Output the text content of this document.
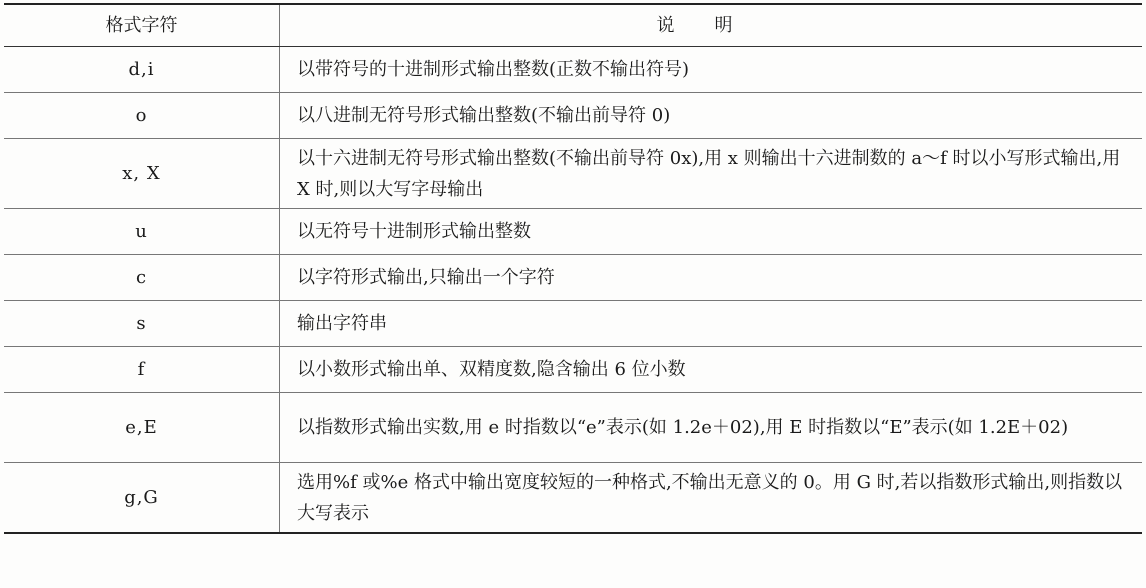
格式字符	说明
d,i	以带符号的十进制形式输出整数(正数不输出符号)
o	以八进制无符号形式输出整数(不输出前导符 0)
x, X	以十六进制无符号形式输出整数(不输出前导符 0x),用 x 则输出十六进制数的 a～f 时以小写形式输出,用 X 时,则以大写字母输出
u	以无符号十进制形式输出整数
c	以字符形式输出,只输出一个字符
s	输出字符串
f	以小数形式输出单、双精度数,隐含输出 6 位小数
e,E	以指数形式输出实数,用 e 时指数以“e”表示(如 1.2e＋02),用 E 时指数以“E”表示(如 1.2E＋02)
g,G	选用%f 或%e 格式中输出宽度较短的一种格式,不输出无意义的 0。用 G 时,若以指数形式输出,则指数以大写表示
